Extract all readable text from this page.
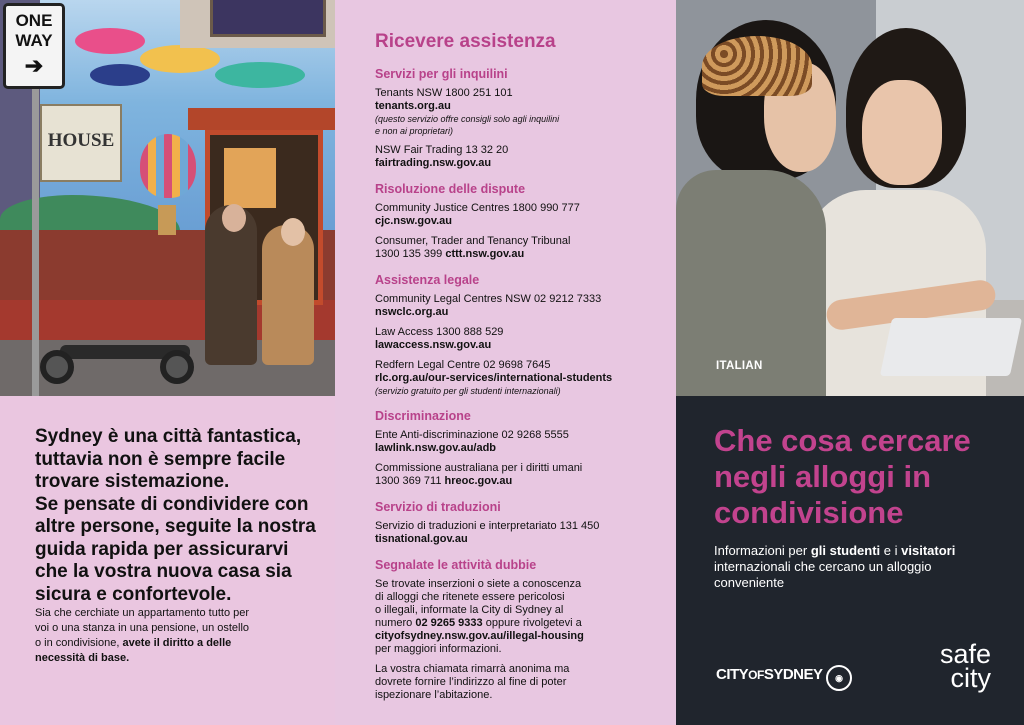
HOUSE
ONE
WAY
➔

Sydney è una città fantastica,
tuttavia non è sempre facile
trovare sistemazione.
Se pensate di condividere con
altre persone, seguite la nostra
guida rapida per assicurarvi
che la vostra nuova casa sia
sicura e confortevole.

Sia che cerchiate un appartamento tutto per
voi o una stanza in una pensione, un ostello
o in condivisione, avete il diritto a delle
necessità di base.

Ricevere assistenza
Servizi per gli inquilini

Tenants NSW 1800 251 101
tenants.org.au
(questo servizio offre consigli solo agli inquilini
e non ai proprietari)

NSW Fair Trading 13 32 20
fairtrading.nsw.gov.au

Risoluzione delle dispute

Community Justice Centres 1800 990 777
cjc.nsw.gov.au

Consumer, Trader and Tenancy Tribunal
1300 135 399 cttt.nsw.gov.au

Assistenza legale

Community Legal Centres NSW 02 9212 7333
nswclc.org.au

Law Access 1300 888 529
lawaccess.nsw.gov.au

Redfern Legal Centre 02 9698 7645
rlc.org.au/our-services/international-students
(servizio gratuito per gli studenti internazionali)

Discriminazione

Ente Anti-discriminazione 02 9268 5555
lawlink.nsw.gov.au/adb

Commissione australiana per i diritti umani
1300 369 711 hreoc.gov.au

Servizio di traduzioni

Servizio di traduzioni e interpretariato 131 450
tisnational.gov.au

Segnalate le attività dubbie

Se trovate inserzioni o siete a conoscenza
di alloggi che ritenete essere pericolosi
o illegali, informate la City di Sydney al
numero 02 9265 9333 oppure rivolgetevi a
cityofsydney.nsw.gov.au/illegal-housing
per maggiori informazioni.

La vostra chiamata rimarrà anonima ma
dovrete fornire l’indirizzo al fine di poter
ispezionare l’abitazione.

ITALIAN
Che cosa cercare
negli alloggi in
condivisione

Informazioni per gli studenti e i visitatori
internazionali che cercano un alloggio
conveniente

CITYOFSYDNEY	◉
safe
city
